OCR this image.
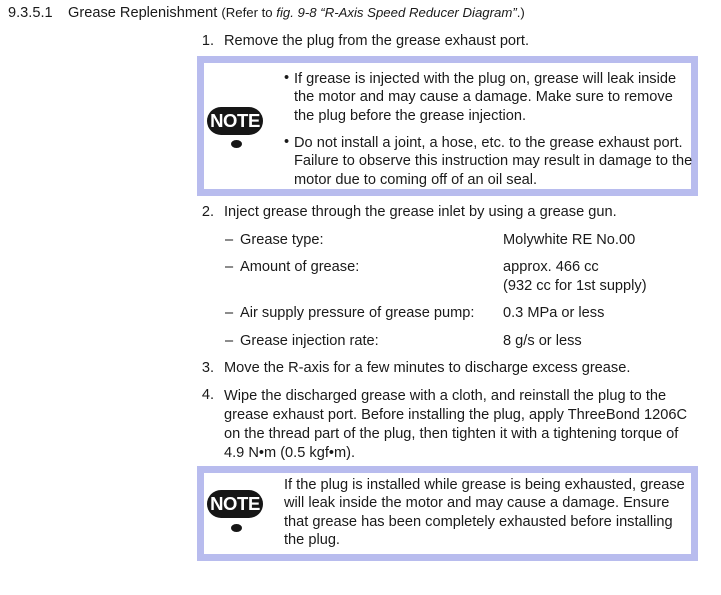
9.3.5.1 Grease Replenishment (Refer to fig. 9-8 “R-Axis Speed Reducer Diagram”.)
1. Remove the plug from the grease exhaust port.
NOTE
• If grease is injected with the plug on, grease will leak inside the motor and may cause a damage. Make sure to remove the plug before the grease injection.
• Do not install a joint, a hose, etc. to the grease exhaust port. Failure to observe this instruction may result in damage to the motor due to coming off of an oil seal.
2. Inject grease through the grease inlet by using a grease gun.
– Grease type:	Molywhite RE No.00
– Amount of grease:	approx. 466 cc
(932 cc for 1st supply)
– Air supply pressure of grease pump: 0.3 MPa or less
– Grease injection rate:	8 g/s or less
3. Move the R-axis for a few minutes to discharge excess grease.
4. Wipe the discharged grease with a cloth, and reinstall the plug to the grease exhaust port. Before installing the plug, apply ThreeBond 1206C on the thread part of the plug, then tighten it with a tightening torque of 4.9 N•m (0.5 kgf•m).
NOTE
If the plug is installed while grease is being exhausted, grease will leak inside the motor and may cause a damage. Ensure that grease has been completely exhausted before installing the plug.
